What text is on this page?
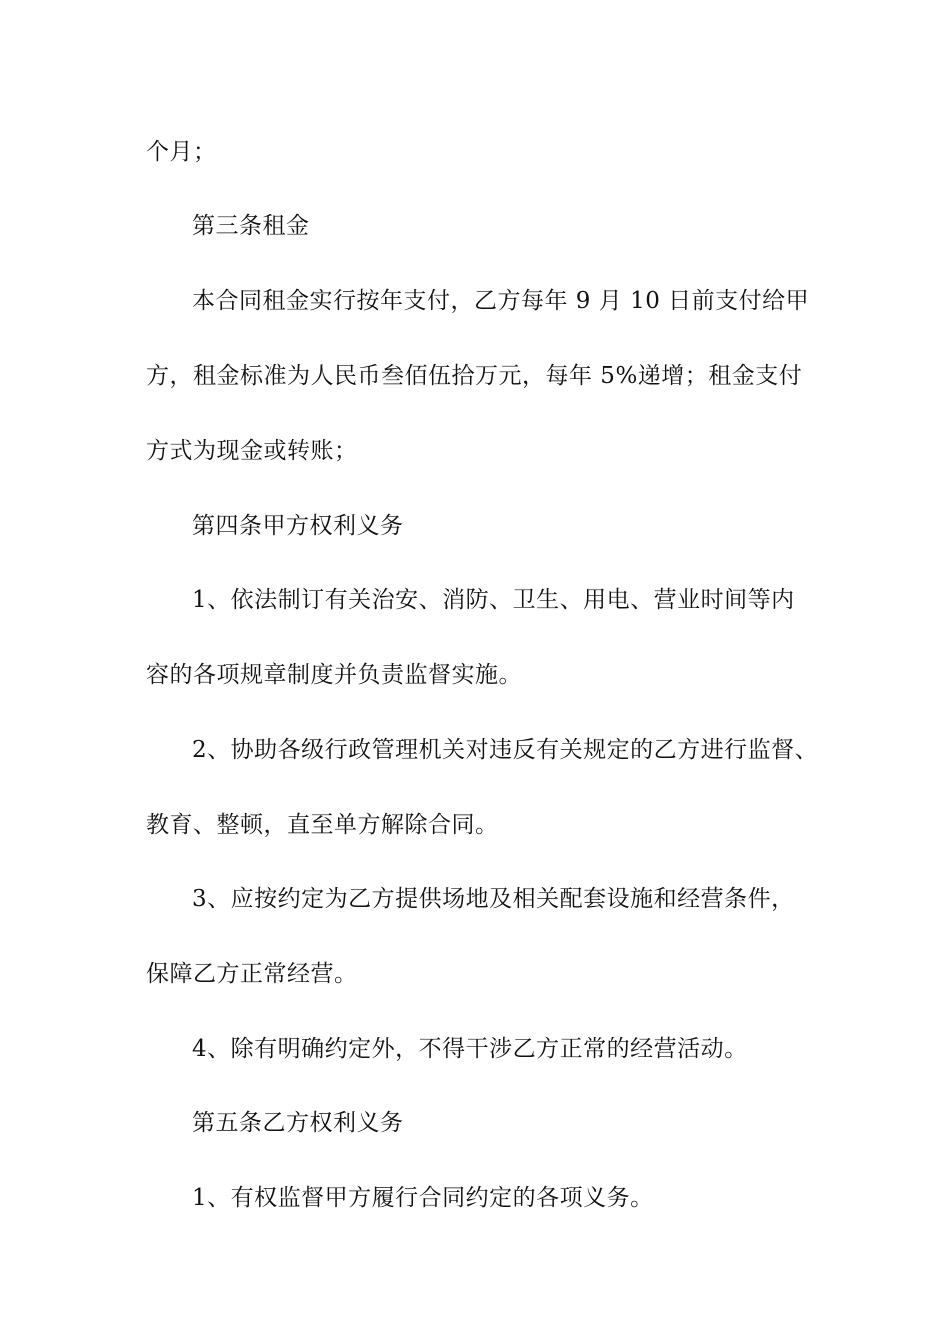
个月；
第三条租金
本合同租金实行按年支付，乙方每年 9 月 10 日前支付给甲
方，租金标准为人民币叁佰伍拾万元，每年 5%递增；租金支付
方式为现金或转账；
第四条甲方权利义务
1、依法制订有关治安、消防、卫生、用电、营业时间等内
容的各项规章制度并负责监督实施。
2、协助各级行政管理机关对违反有关规定的乙方进行监督、
教育、整顿，直至单方解除合同。
3、应按约定为乙方提供场地及相关配套设施和经营条件，
保障乙方正常经营。
4、除有明确约定外，不得干涉乙方正常的经营活动。
第五条乙方权利义务
1、有权监督甲方履行合同约定的各项义务。
